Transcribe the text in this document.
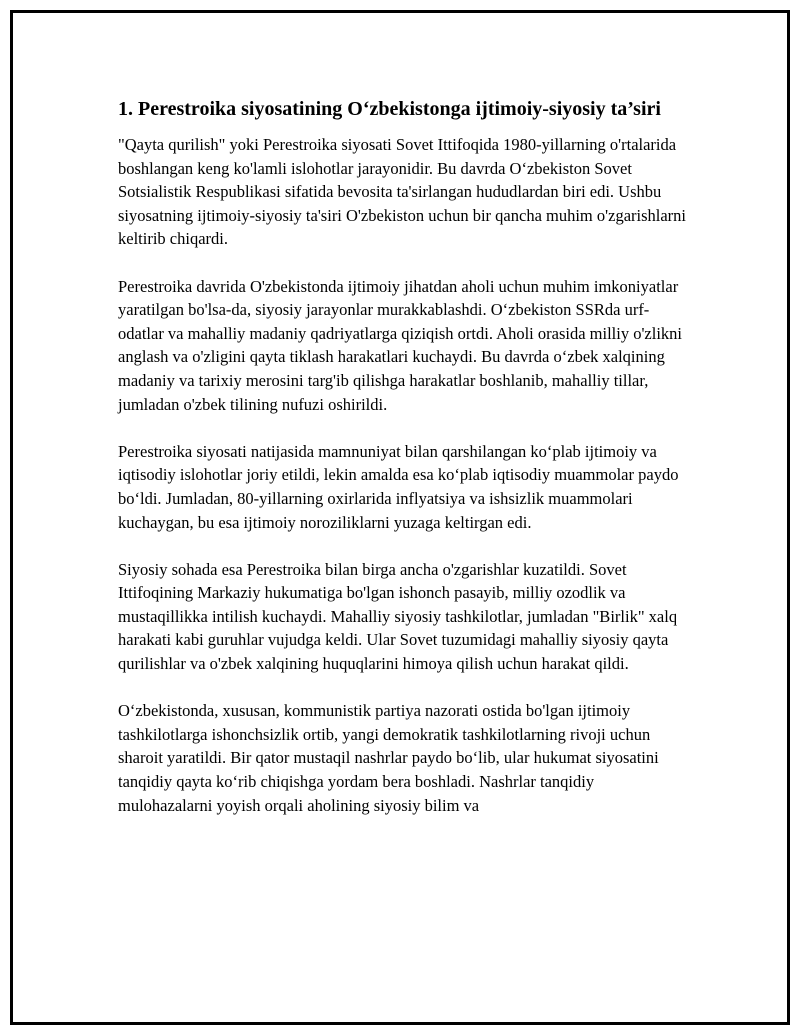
1. Perestroika siyosatining O‘zbekistonga ijtimoiy-siyosiy ta’siri

"Qayta qurilish" yoki Perestroika siyosati Sovet Ittifoqida 1980-yillarning o'rtalarida boshlangan keng ko'lamli islohotlar jarayonidir. Bu davrda O‘zbekiston Sovet Sotsialistik Respublikasi sifatida bevosita ta'sirlangan hududlardan biri edi. Ushbu siyosatning ijtimoiy-siyosiy ta'siri O'zbekiston uchun bir qancha muhim o'zgarishlarni keltirib chiqardi.

Perestroika davrida O'zbekistonda ijtimoiy jihatdan aholi uchun muhim imkoniyatlar yaratilgan bo'lsa-da, siyosiy jarayonlar murakkablashdi. O‘zbekiston SSRda urf-odatlar va mahalliy madaniy qadriyatlarga qiziqish ortdi. Aholi orasida milliy o'zlikni anglash va o'zligini qayta tiklash harakatlari kuchaydi. Bu davrda o‘zbek xalqining madaniy va tarixiy merosini targ'ib qilishga harakatlar boshlanib, mahalliy tillar, jumladan o'zbek tilining nufuzi oshirildi.

Perestroika siyosati natijasida mamnuniyat bilan qarshilangan ko‘plab ijtimoiy va iqtisodiy islohotlar joriy etildi, lekin amalda esa ko‘plab iqtisodiy muammolar paydo bo‘ldi. Jumladan, 80-yillarning oxirlarida inflyatsiya va ishsizlik muammolari kuchaygan, bu esa ijtimoiy noroziliklarni yuzaga keltirgan edi.

Siyosiy sohada esa Perestroika bilan birga ancha o'zgarishlar kuzatildi. Sovet Ittifoqining Markaziy hukumatiga bo'lgan ishonch pasayib, milliy ozodlik va mustaqillikka intilish kuchaydi. Mahalliy siyosiy tashkilotlar, jumladan "Birlik" xalq harakati kabi guruhlar vujudga keldi. Ular Sovet tuzumidagi mahalliy siyosiy qayta qurilishlar va o'zbek xalqining huquqlarini himoya qilish uchun harakat qildi.

O‘zbekistonda, xususan, kommunistik partiya nazorati ostida bo'lgan ijtimoiy tashkilotlarga ishonchsizlik ortib, yangi demokratik tashkilotlarning rivoji uchun sharoit yaratildi. Bir qator mustaqil nashrlar paydo bo‘lib, ular hukumat siyosatini tanqidiy qayta ko‘rib chiqishga yordam bera boshladi. Nashrlar tanqidiy mulohazalarni yoyish orqali aholining siyosiy bilim va
